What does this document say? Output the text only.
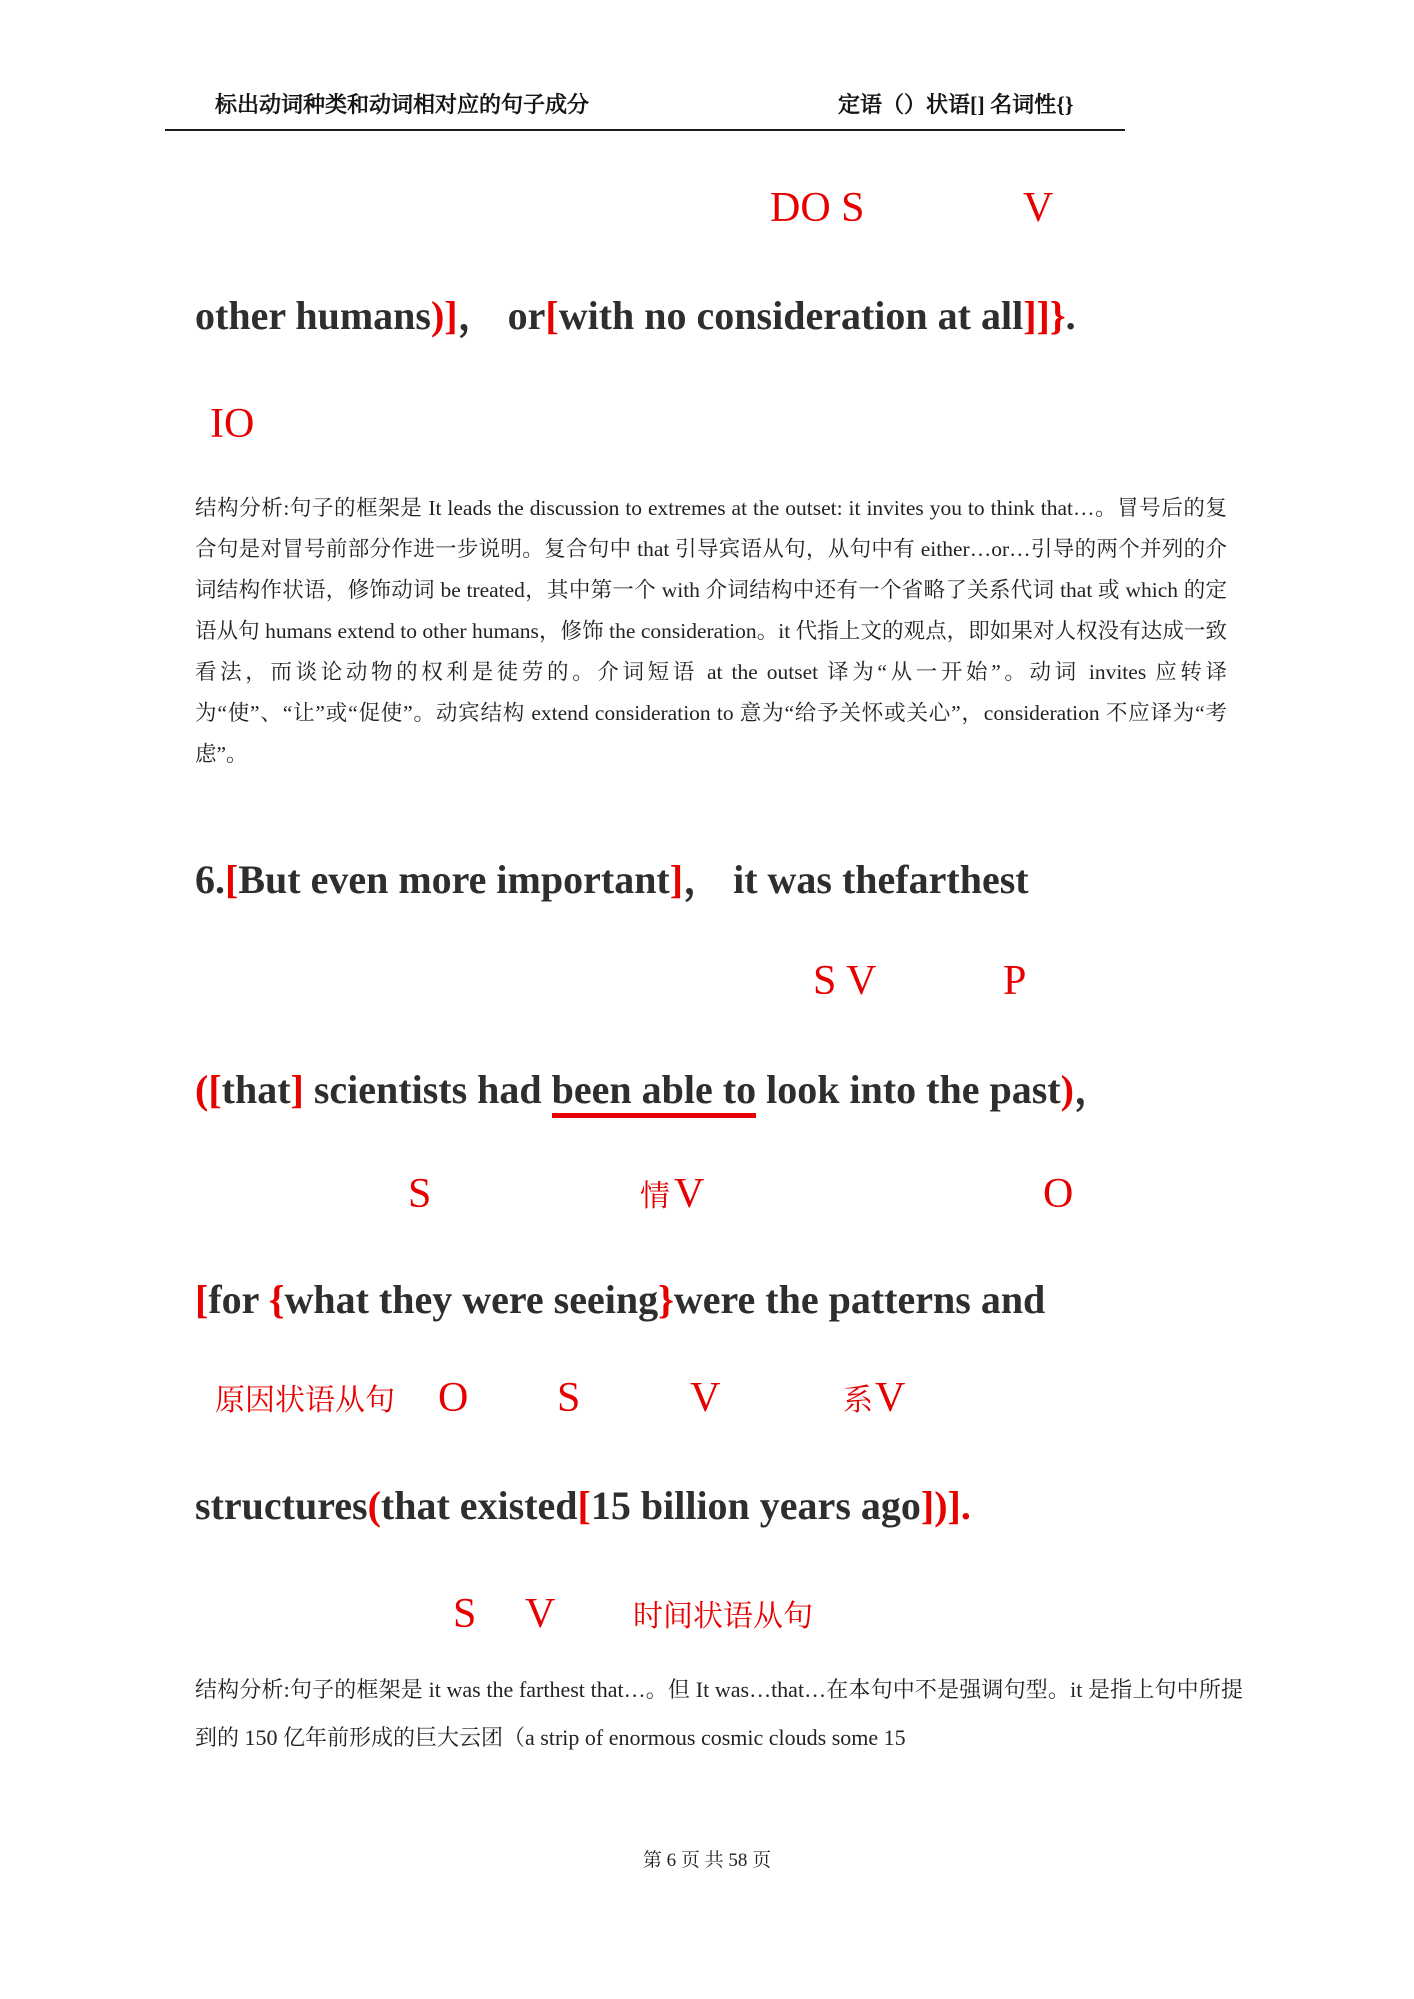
标出动词种类和动词相对应的句子成分	定语（）状语[] 名词性{}
DO S	V
other humans)]， or[with no consideration at all]]}.
IO
结构分析:句子的框架是 It leads the discussion to extremes at the outset: it invites you to think that…。冒号后的复合句是对冒号前部分作进一步说明。复合句中 that 引导宾语从句，从句中有 either…or…引导的两个并列的介词结构作状语，修饰动词 be treated，其中第一个 with 介词结构中还有一个省略了关系代词 that 或 which 的定语从句 humans extend to other humans，修饰 the consideration。it 代指上文的观点，即如果对人权没有达成一致看法，而谈论动物的权利是徒劳的。介词短语 at the outset 译为“从一开始”。动词 invites 应转译为“使”、“让”或“促使”。动宾结构 extend consideration to 意为“给予关怀或关心”，consideration 不应译为“考虑”。
6.[But even more important]， it was thefarthest
S V	P
([that] scientists had been able to look into the past)，
S	情 V	O
[for {what they were seeing}were the patterns and
原因状语从句 O S	V	系 V
structures(that existed[15 billion years ago])].
S V	时间状语从句
结构分析:句子的框架是 it was the farthest that…。但 It was…that…在本句中不是强调句型。it 是指上句中所提到的 150 亿年前形成的巨大云团（a strip of enormous cosmic clouds some 15
第 6 页 共 58 页
